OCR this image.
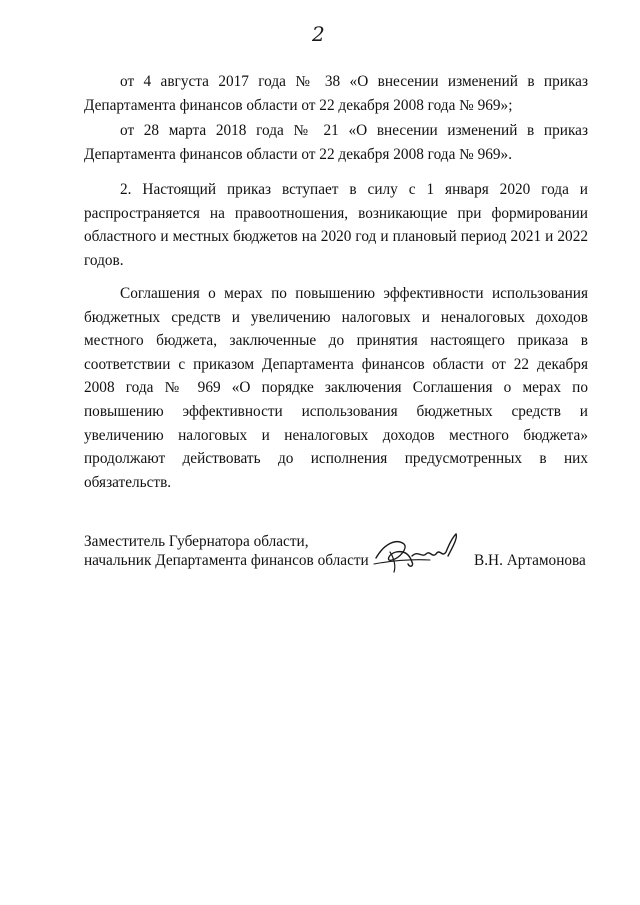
2

от 4 августа 2017 года № 38 «О внесении изменений в приказ Департамента финансов области от 22 декабря 2008 года № 969»;

от 28 марта 2018 года № 21 «О внесении изменений в приказ Департамента финансов области от 22 декабря 2008 года № 969».

2. Настоящий приказ вступает в силу с 1 января 2020 года и распространяется на правоотношения, возникающие при формировании областного и местных бюджетов на 2020 год и плановый период 2021 и 2022 годов.

Соглашения о мерах по повышению эффективности использования бюджетных средств и увеличению налоговых и неналоговых доходов местного бюджета, заключенные до принятия настоящего приказа в соответствии с приказом Департамента финансов области от 22 декабря 2008 года № 969 «О порядке заключения Соглашения о мерах по повышению эффективности использования бюджетных средств и увеличению налоговых и неналоговых доходов местного бюджета» продолжают действовать до исполнения предусмотренных в них обязательств.

Заместитель Губернатора области,
начальник Департамента финансов области	В.Н. Артамонова
